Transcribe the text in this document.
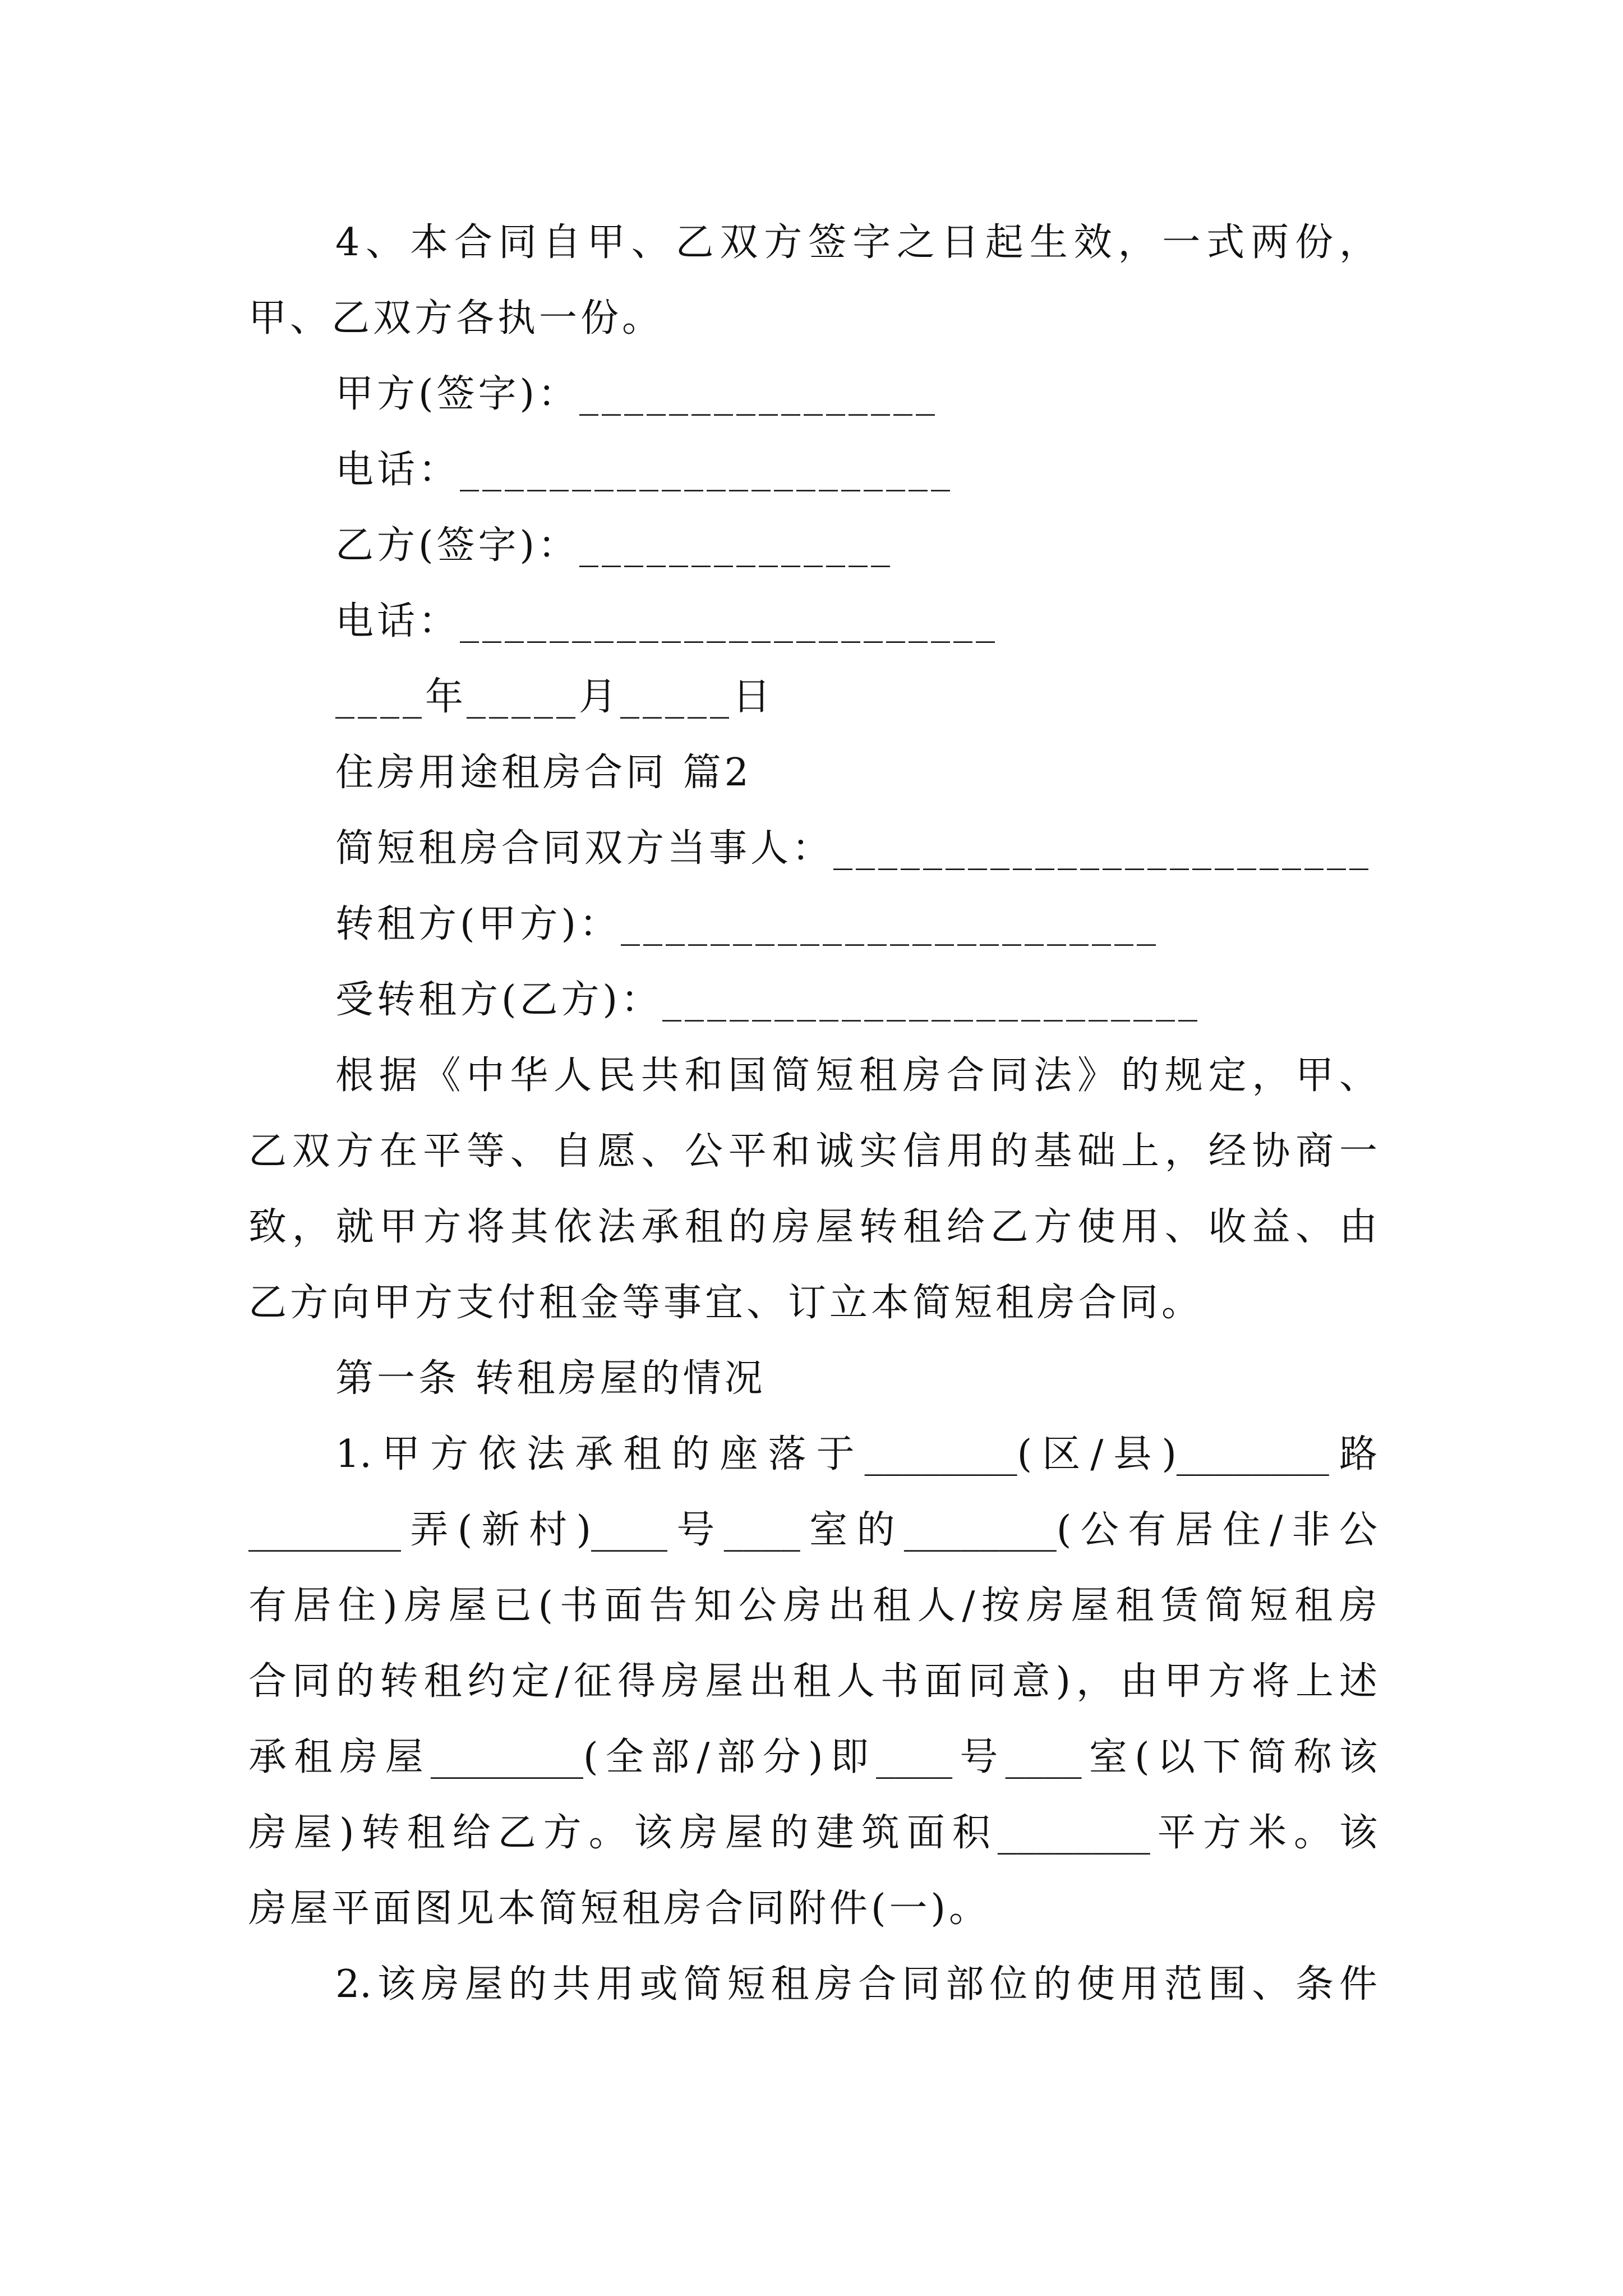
4、本合同自甲、乙双方签字之日起生效，一式两份，
甲、乙双方各执一份。
甲方(签字)：________________
电话：______________________
乙方(签字)：______________
电话：________________________
____年_____月_____日
住房用途租房合同 篇2
简短租房合同双方当事人：________________________
转租方(甲方)：________________________
受转租方(乙方)：________________________
根据《中华人民共和国简短租房合同法》的规定，甲、
乙双方在平等、自愿、公平和诚实信用的基础上，经协商一
致，就甲方将其依法承租的房屋转租给乙方使用、收益、由
乙方向甲方支付租金等事宜、订立本简短租房合同。
第一条 转租房屋的情况
1.甲方依法承租的座落于________(区/县)________路
________弄(新村)____号____室的________(公有居住/非公
有居住)房屋已(书面告知公房出租人/按房屋租赁简短租房
合同的转租约定/征得房屋出租人书面同意)，由甲方将上述
承租房屋________(全部/部分)即____号____室(以下简称该
房屋)转租给乙方。该房屋的建筑面积________平方米。该
房屋平面图见本简短租房合同附件(一)。
2.该房屋的共用或简短租房合同部位的使用范围、条件
